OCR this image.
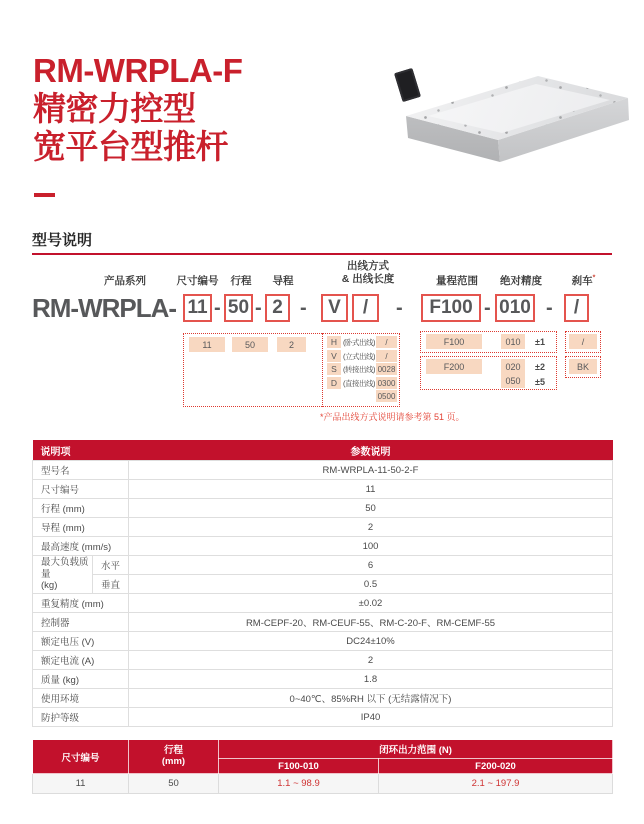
RM-WRPLA-F
精密力控型
宽平台型推杆
型号说明
产品系列	尺寸编号	行程	导程
出线方式
& 出线长度	量程范围	绝对精度	刹车*
RM-WRPLA- 11 - 50 - 2 -	V	/	-	F100 - 010 -	/
11	50	2	H (卧式出线)	/
V (立式出线)	/
S (转接出线) 0028
D (直接出线) 0300
0500
F100	010	±1
F200	020	±2
050	±5
/
BK
*产品出线方式说明请参考第 51 页。
说明项		参数说明
型号名		RM-WRPLA-11-50-2-F
尺寸编号		11
行程 (mm)		50
导程 (mm)		2
最高速度 (mm/s)		100

最大负载质量
(kg)	水平	6
	垂直	0.5
重复精度 (mm)		±0.02
控制器		RM-CEPF-20、RM-CEUF-55、RM-C-20-F、RM-CEMF-55
额定电压 (V)		DC24±10%
额定电流 (A)		2
质量 (kg)		1.8
使用环境		0~40℃、85%RH 以下 (无结露情况下)
防护等级		IP40
尺寸编号	行程
(mm)	闭环出力范围 (N)	
		F100-010	F200-020
11	50	1.1 ~ 98.9	2.1 ~ 197.9
